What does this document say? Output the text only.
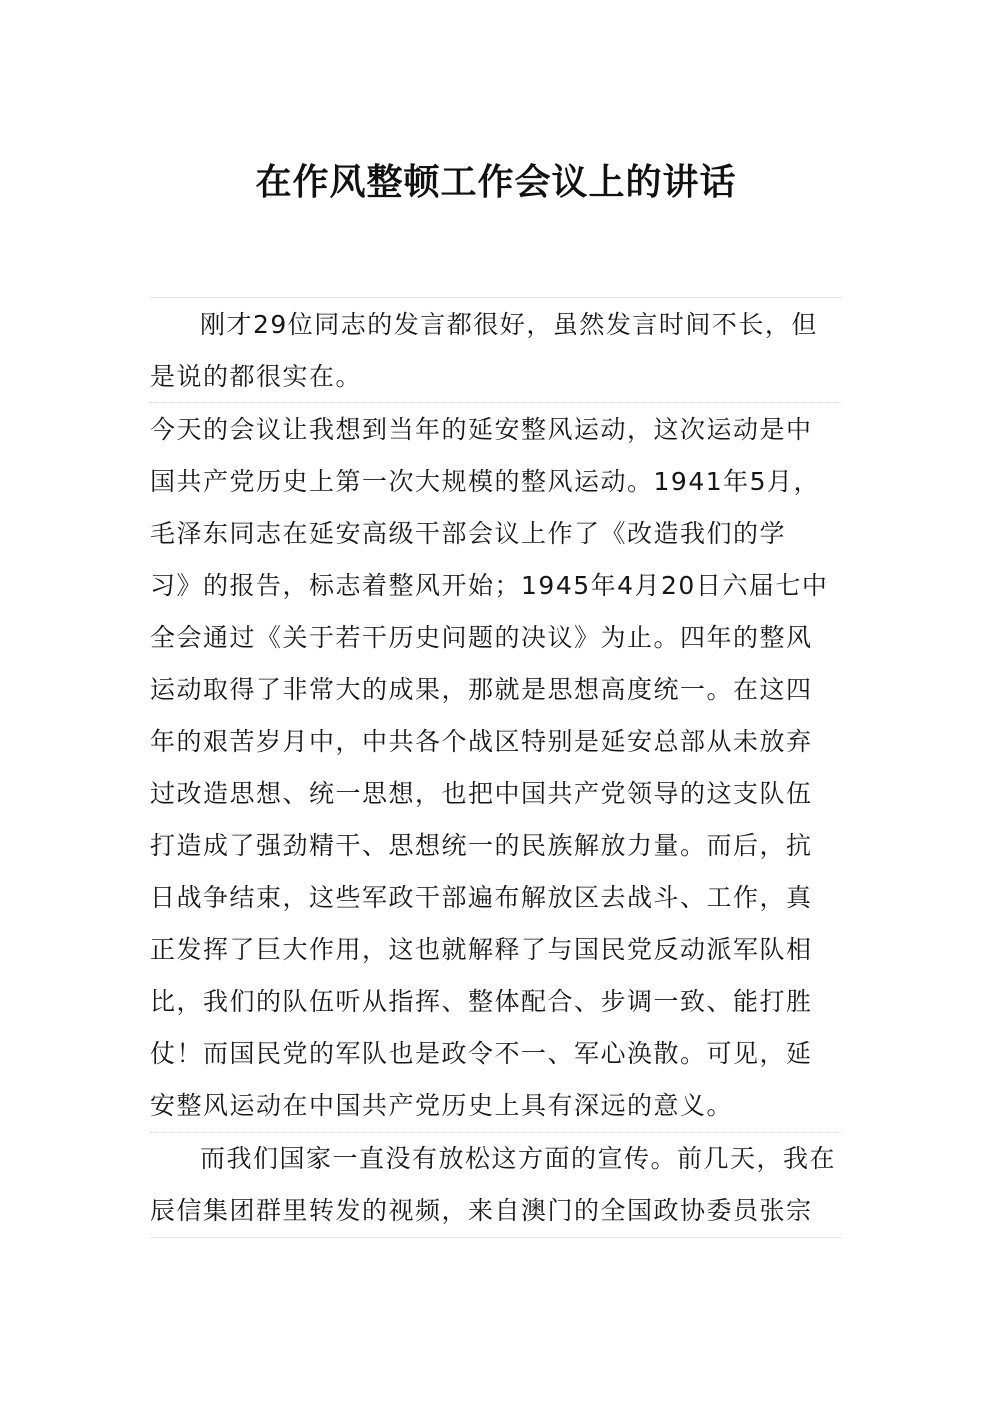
在作风整顿工作会议上的讲话
刚才29位同志的发言都很好，虽然发言时间不长，但
是说的都很实在。
今天的会议让我想到当年的延安整风运动，这次运动是中
国共产党历史上第一次大规模的整风运动。1941年5月，
毛泽东同志在延安高级干部会议上作了《改造我们的学
习》的报告，标志着整风开始；1945年4月20日六届七中
全会通过《关于若干历史问题的决议》为止。四年的整风
运动取得了非常大的成果，那就是思想高度统一。在这四
年的艰苦岁月中，中共各个战区特别是延安总部从未放弃
过改造思想、统一思想，也把中国共产党领导的这支队伍
打造成了强劲精干、思想统一的民族解放力量。而后，抗
日战争结束，这些军政干部遍布解放区去战斗、工作，真
正发挥了巨大作用，这也就解释了与国民党反动派军队相
比，我们的队伍听从指挥、整体配合、步调一致、能打胜
仗！而国民党的军队也是政令不一、军心涣散。可见，延
安整风运动在中国共产党历史上具有深远的意义。
而我们国家一直没有放松这方面的宣传。前几天，我在
辰信集团群里转发的视频，来自澳门的全国政协委员张宗
